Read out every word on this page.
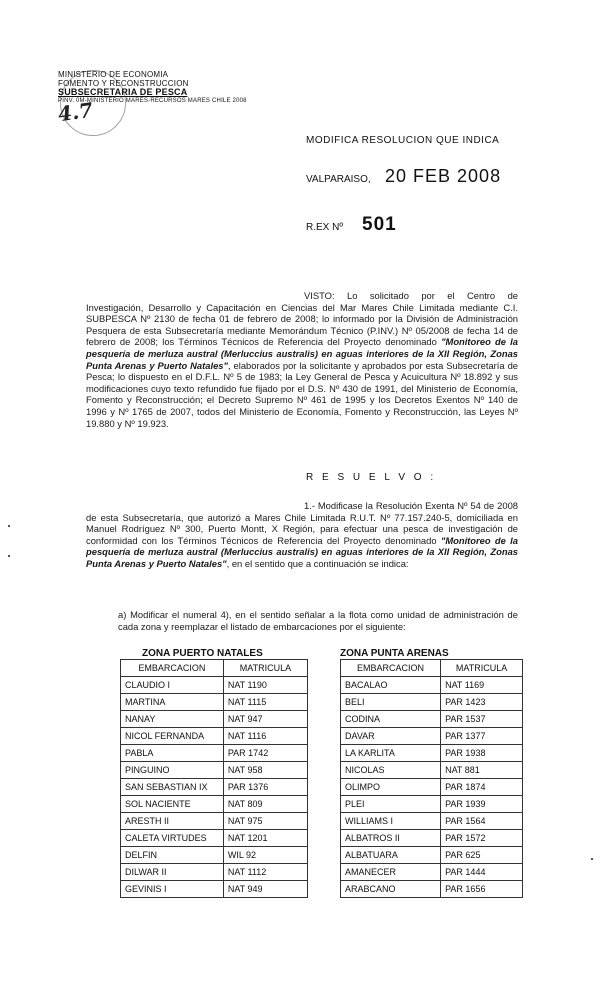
MINISTERIO DE ECONOMIA
FOMENTO Y RECONSTRUCCION
SUBSECRETARIA DE PESCA
PINV. 0M-MINISTERIO MARES-RECURSOS MARES CHILE 2008
4.7
MODIFICA RESOLUCION QUE INDICA
VALPARAISO, 20 FEB 2008
R.EX Nº 501
VISTO: Lo solicitado por el Centro de Investigación, Desarrollo y Capacitación en Ciencias del Mar Mares Chile Limitada mediante C.I. SUBPESCA Nº 2130 de fecha 01 de febrero de 2008; lo informado por la División de Administración Pesquera de esta Subsecretaría mediante Memorándum Técnico (P.INV.) Nº 05/2008 de fecha 14 de febrero de 2008; los Términos Técnicos de Referencia del Proyecto denominado "Monitoreo de la pesquería de merluza austral (Merluccius australis) en aguas interiores de la XII Región, Zonas Punta Arenas y Puerto Natales", elaborados por la solicitante y aprobados por esta Subsecretaría de Pesca; lo dispuesto en el D.F.L. Nº 5 de 1983; la Ley General de Pesca y Acuicultura Nº 18.892 y sus modificaciones cuyo texto refundido fue fijado por el D.S. Nº 430 de 1991, del Ministerio de Economía, Fomento y Reconstrucción; el Decreto Supremo Nº 461 de 1995 y los Decretos Exentos Nº 140 de 1996 y Nº 1765 de 2007, todos del Ministerio de Economía, Fomento y Reconstrucción, las Leyes Nº 19.880 y Nº 19.923.
R E S U E L V O :
1.- Modificase la Resolución Exenta Nº 54 de 2008 de esta Subsecretaría, que autorizó a Mares Chile Limitada R.U.T. Nº 77.157.240-5, domiciliada en Manuel Rodríguez Nº 300, Puerto Montt, X Región, para efectuar una pesca de investigación de conformidad con los Términos Técnicos de Referencia del Proyecto denominado "Monitoreo de la pesquería de merluza austral (Merluccius australis) en aguas interiores de la XII Región, Zonas Punta Arenas y Puerto Natales", en el sentido que a continuación se indica:
a) Modificar el numeral 4), en el sentido señalar a la flota como unidad de administración de cada zona y reemplazar el listado de embarcaciones por el siguiente:
ZONA PUERTO NATALES	ZONA PUNTA ARENAS
EMBARCACION	MATRICULA
CLAUDIO I	NAT 1190
MARTINA	NAT 1115
NANAY	NAT 947
NICOL FERNANDA	NAT 1116
PABLA	PAR 1742
PINGUINO	NAT 958
SAN SEBASTIAN IX	PAR 1376
SOL NACIENTE	NAT 809
ARESTH II	NAT 975
CALETA VIRTUDES	NAT 1201
DELFIN	WIL 92
DILWAR II	NAT 1112
GEVINIS I	NAT 949
EMBARCACION	MATRICULA
BACALAO	NAT 1169
BELI	PAR 1423
CODINA	PAR 1537
DAVAR	PAR 1377
LA KARLITA	PAR 1938
NICOLAS	NAT 881
OLIMPO	PAR 1874
PLEI	PAR 1939
WILLIAMS I	PAR 1564
ALBATROS II	PAR 1572
ALBATUARA	PAR 625
AMANECER	PAR 1444
ARABCANO	PAR 1656
